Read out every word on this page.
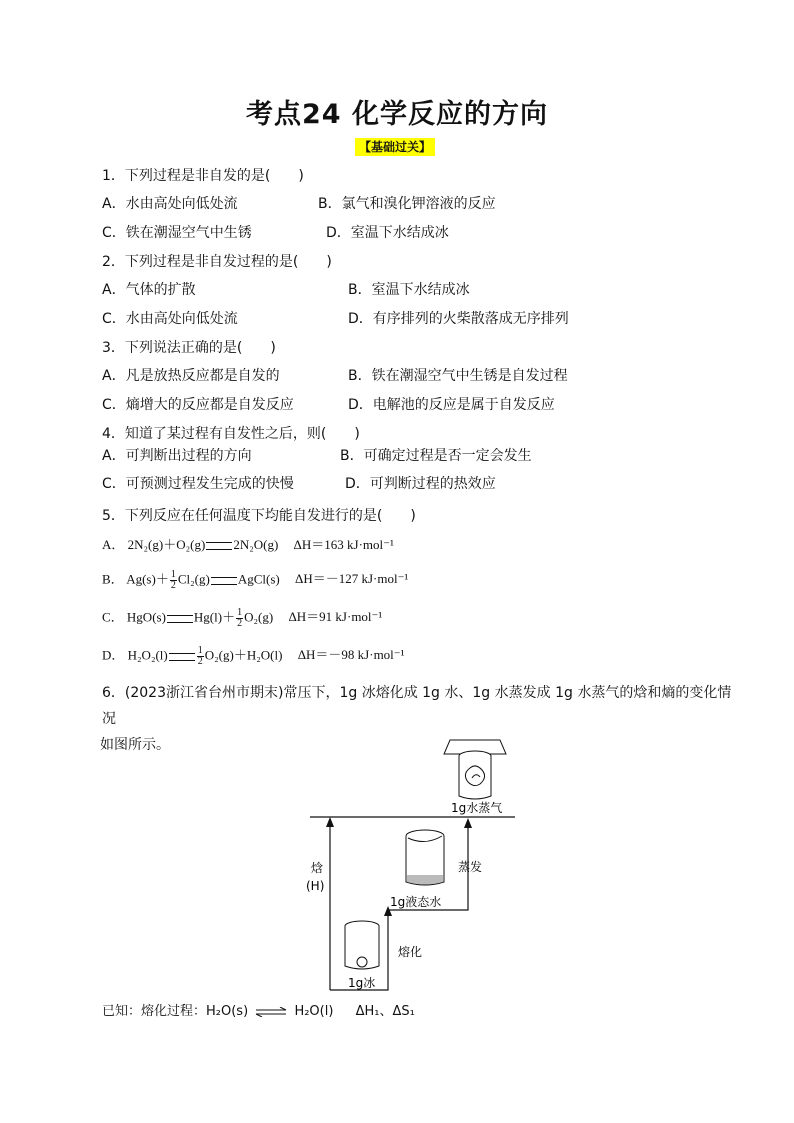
考点24 化学反应的方向
【基础过关】
1．下列过程是非自发的是(　　)
A．水由高处向低处流	B．氯气和溴化钾溶液的反应
C．铁在潮湿空气中生锈	D．室温下水结成冰
2．下列过程是非自发过程的是(　　)
A．气体的扩散	B．室温下水结成冰
C．水由高处向低处流	D．有序排列的火柴散落成无序排列
3．下列说法正确的是(　　)
A．凡是放热反应都是自发的	B．铁在潮湿空气中生锈是自发过程
C．熵增大的反应都是自发反应	D．电解池的反应是属于自发反应
4．知道了某过程有自发性之后，则(　　)
A．可判断出过程的方向	B．可确定过程是否一定会发生
C．可预测过程发生完成的快慢	D．可判断过程的热效应
5．下列反应在任何温度下均能自发进行的是(　　)
A． 2N₂(g)＋O₂(g) 2N₂O(g) ΔH＝163 kJ·mol⁻¹
B． $Ag(s)+ \frac{1}{2} Cl_2(g)$ AgCl(s) ΔH＝－127 kJ·mol⁻¹
C． HgO(s) $Hg(l)+ \frac{1}{2} O_2(g)$ ΔH＝91 kJ·mol⁻¹
D． H₂O₂(l)	$\frac{1}{2} O_2(g)+H_2O(l)$ ΔH＝－98 kJ·mol⁻¹
6．(2023浙江省台州市期末)常压下，1g 冰熔化成 1g 水、1g 水蒸发成 1g 水蒸气的焓和熵的变化情况
如图所示。
焓
(H)
1g冰
熔化
1g液态水
蒸发
1g水蒸气
已知：熔化过程：H₂O(s) ⇌ H₂O(l) ΔH₁、ΔS₁
